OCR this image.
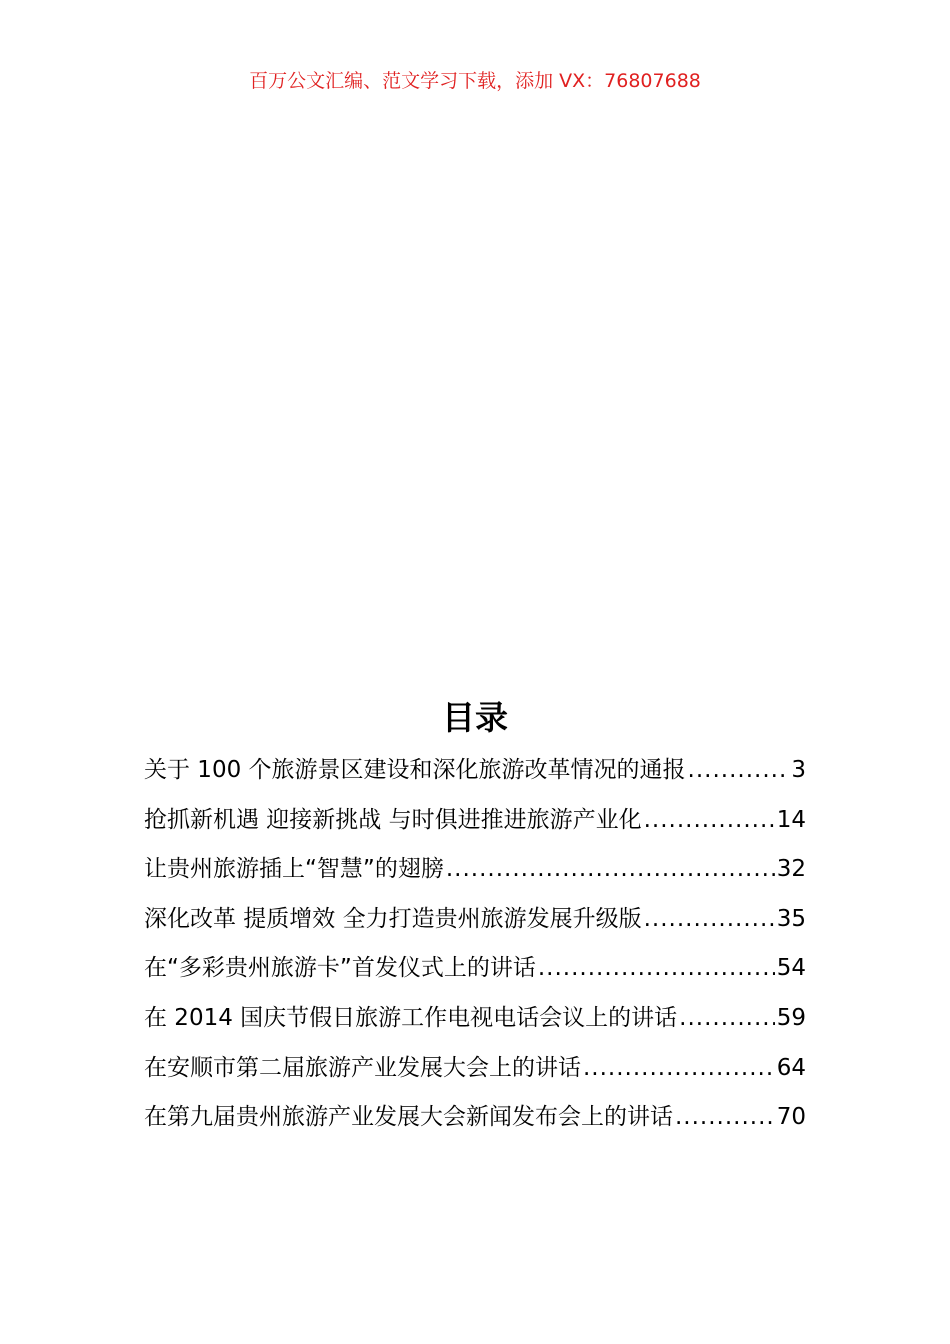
百万公文汇编、范文学习下载，添加 VX：76807688
目录
关于 100 个旅游景区建设和深化旅游改革情况的通报 .....	3
抢抓新机遇 迎接新挑战 与时俱进推进旅游产业化 .....	14
让贵州旅游插上“智慧”的翅膀 .....	32
深化改革 提质增效 全力打造贵州旅游发展升级版 .....	35
在“多彩贵州旅游卡”首发仪式上的讲话 .....	54
在 2014 国庆节假日旅游工作电视电话会议上的讲话 .....	59
在安顺市第二届旅游产业发展大会上的讲话 .....	64
在第九届贵州旅游产业发展大会新闻发布会上的讲话 .....	70
